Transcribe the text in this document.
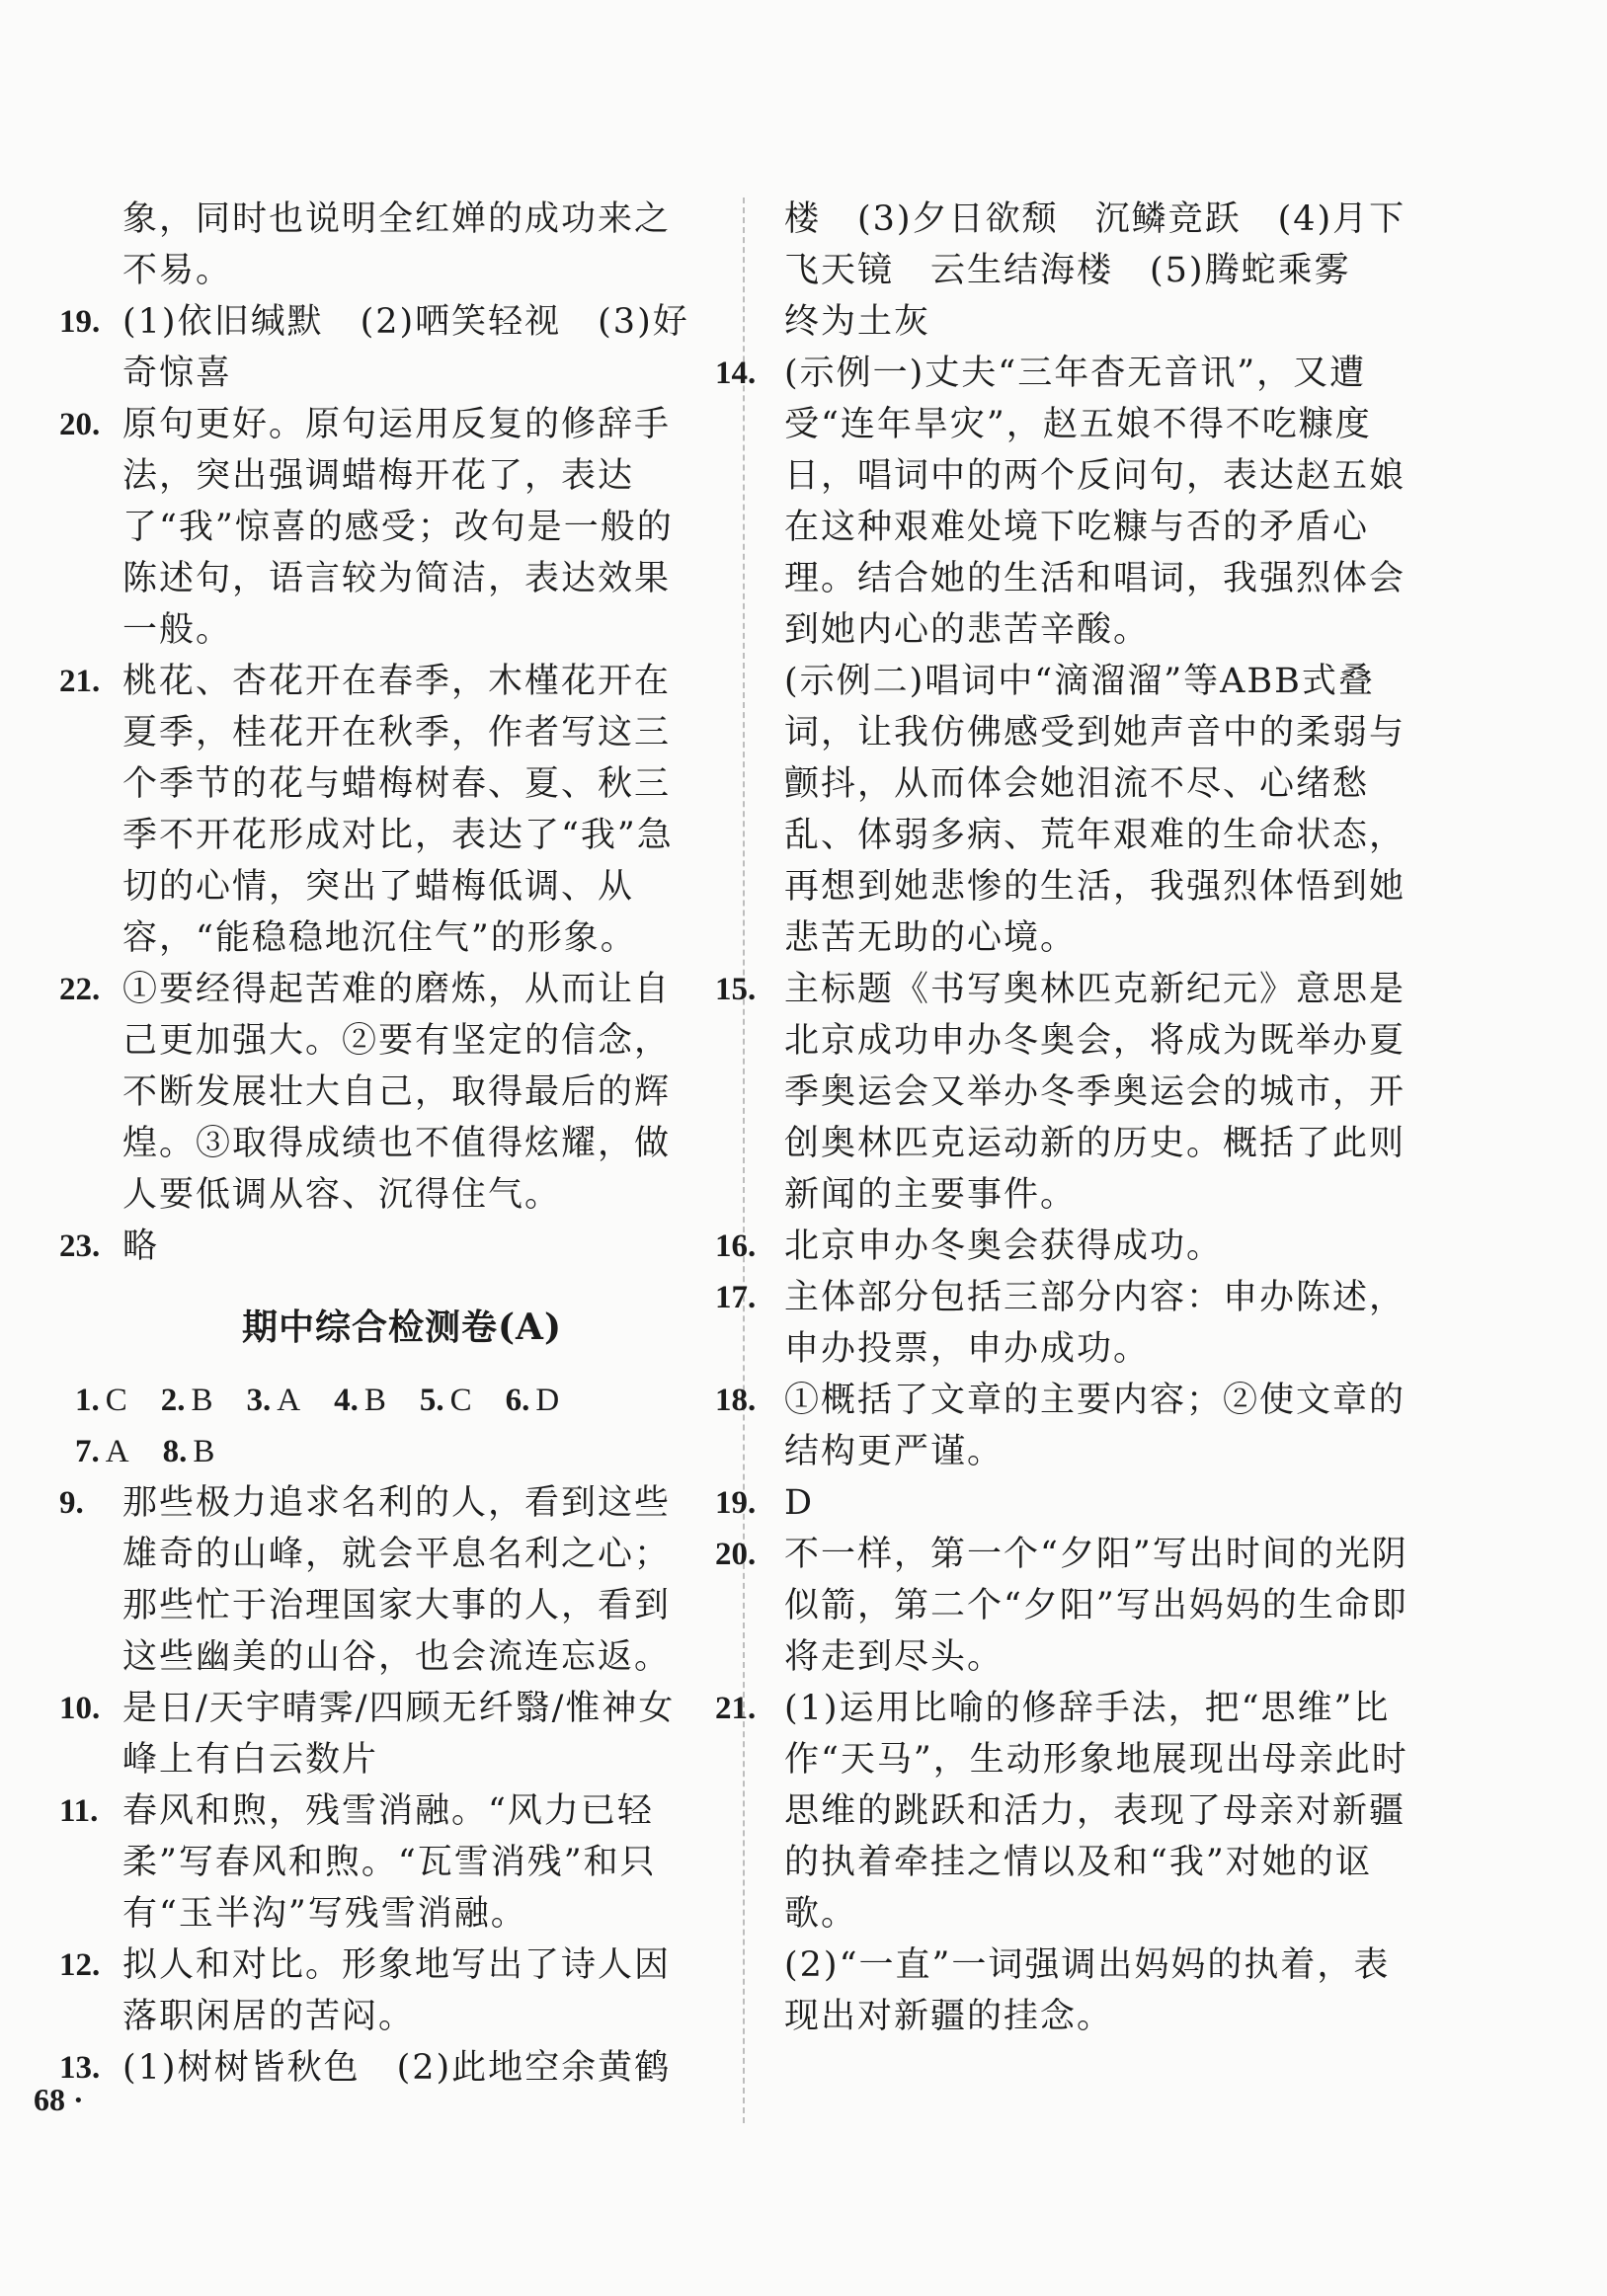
象，同时也说明全红婵的成功来之不易。
19. (1)依旧缄默　(2)哂笑轻视　(3)好奇惊喜
20. 原句更好。原句运用反复的修辞手法，突出强调蜡梅开花了，表达了“我”惊喜的感受；改句是一般的陈述句，语言较为简洁，表达效果一般。
21. 桃花、杏花开在春季，木槿花开在夏季，桂花开在秋季，作者写这三个季节的花与蜡梅树春、夏、秋三季不开花形成对比，表达了“我”急切的心情，突出了蜡梅低调、从容，“能稳稳地沉住气”的形象。
22. ①要经得起苦难的磨炼，从而让自己更加强大。②要有坚定的信念，不断发展壮大自己，取得最后的辉煌。③取得成绩也不值得炫耀，做人要低调从容、沉得住气。
23. 略
期中综合检测卷(A)
1. C 2. B 3. A 4. B 5. C 6. D
7. A 8. B
9. 那些极力追求名利的人，看到这些雄奇的山峰，就会平息名利之心；那些忙于治理国家大事的人，看到这些幽美的山谷，也会流连忘返。
10. 是日/天宇晴霁/四顾无纤翳/惟神女峰上有白云数片
11. 春风和煦，残雪消融。“风力已轻柔”写春风和煦。“瓦雪消残”和只有“玉半沟”写残雪消融。
12. 拟人和对比。形象地写出了诗人因落职闲居的苦闷。
13. (1)树树皆秋色　(2)此地空余黄鹤
楼　(3)夕日欲颓　沉鳞竞跃　(4)月下飞天镜　云生结海楼　(5)腾蛇乘雾　终为土灰
14. (示例一)丈夫“三年杳无音讯”，又遭受“连年旱灾”，赵五娘不得不吃糠度日，唱词中的两个反问句，表达赵五娘在这种艰难处境下吃糠与否的矛盾心理。结合她的生活和唱词，我强烈体会到她内心的悲苦辛酸。
(示例二)唱词中“滴溜溜”等ABB式叠词，让我仿佛感受到她声音中的柔弱与颤抖，从而体会她泪流不尽、心绪愁乱、体弱多病、荒年艰难的生命状态，再想到她悲惨的生活，我强烈体悟到她悲苦无助的心境。
15. 主标题《书写奥林匹克新纪元》意思是北京成功申办冬奥会，将成为既举办夏季奥运会又举办冬季奥运会的城市，开创奥林匹克运动新的历史。概括了此则新闻的主要事件。
16. 北京申办冬奥会获得成功。
17. 主体部分包括三部分内容：申办陈述，申办投票，申办成功。
18. ①概括了文章的主要内容；②使文章的结构更严谨。
19. D
20. 不一样，第一个“夕阳”写出时间的光阴似箭，第二个“夕阳”写出妈妈的生命即将走到尽头。
21. (1)运用比喻的修辞手法，把“思维”比作“天马”，生动形象地展现出母亲此时思维的跳跃和活力，表现了母亲对新疆的执着牵挂之情以及和“我”对她的讴歌。
(2)“一直”一词强调出妈妈的执着，表现出对新疆的挂念。
68 ·
